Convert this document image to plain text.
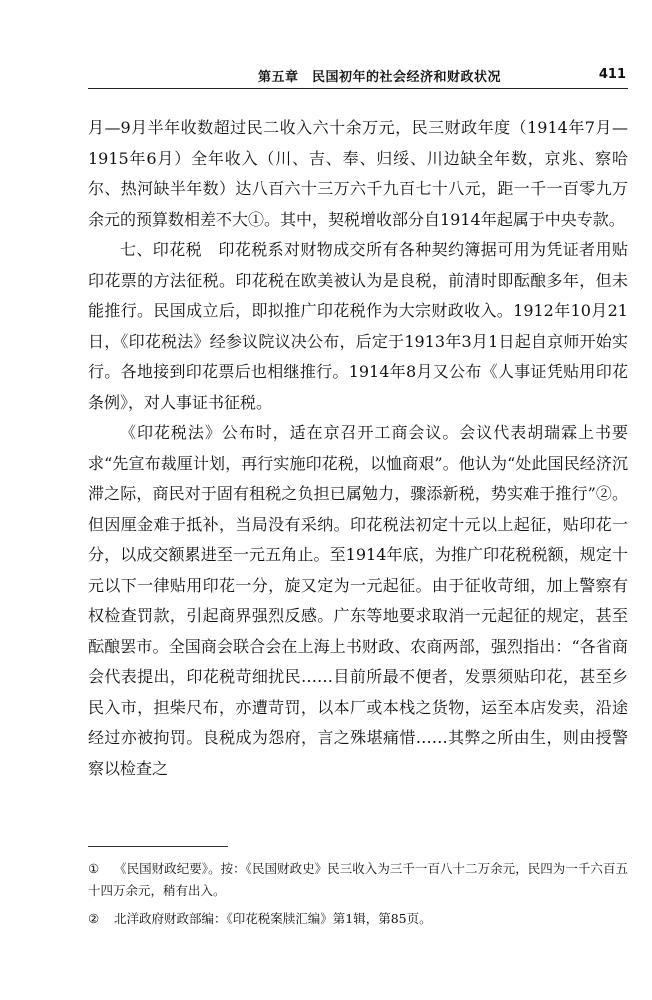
第五章　民国初年的社会经济和财政状况	411

月—9月半年收数超过民二收入六十余万元，民三财政年度（1914年7月—1915年6月）全年收入（川、吉、奉、归绥、川边缺全年数，京兆、察哈尔、热河缺半年数）达八百六十三万六千九百七十八元，距一千一百零九万余元的预算数相差不大①。其中，契税增收部分自1914年起属于中央专款。

七、印花税　印花税系对财物成交所有各种契约簿据可用为凭证者用贴印花票的方法征税。印花税在欧美被认为是良税，前清时即酝酿多年，但未能推行。民国成立后，即拟推广印花税作为大宗财政收入。1912年10月21日，《印花税法》经参议院议决公布，后定于1913年3月1日起自京师开始实行。各地接到印花票后也相继推行。1914年8月又公布《人事证凭贴用印花条例》，对人事证书征税。

《印花税法》公布时，适在京召开工商会议。会议代表胡瑞霖上书要求“先宣布裁厘计划，再行实施印花税，以恤商艰”。他认为“处此国民经济沉滞之际，商民对于固有租税之负担已属勉力，骤添新税，势实难于推行”②。但因厘金难于抵补，当局没有采纳。印花税法初定十元以上起征，贴印花一分，以成交额累进至一元五角止。至1914年底，为推广印花税税额，规定十元以下一律贴用印花一分，旋又定为一元起征。由于征收苛细，加上警察有权检查罚款，引起商界强烈反感。广东等地要求取消一元起征的规定，甚至酝酿罢市。全国商会联合会在上海上书财政、农商两部，强烈指出：“各省商会代表提出，印花税苛细扰民……目前所最不便者，发票须贴印花，甚至乡民入市，担柴尺布，亦遭苛罚，以本厂或本栈之货物，运至本店发卖，沿途经过亦被拘罚。良税成为怨府，言之殊堪痛惜……其弊之所由生，则由授警察以检查之

① 《民国财政纪要》。按：《民国财政史》民三收入为三千一百八十二万余元，民四为一千六百五十四万余元，稍有出入。

② 北洋政府财政部编：《印花税案牍汇编》第1辑，第85页。
